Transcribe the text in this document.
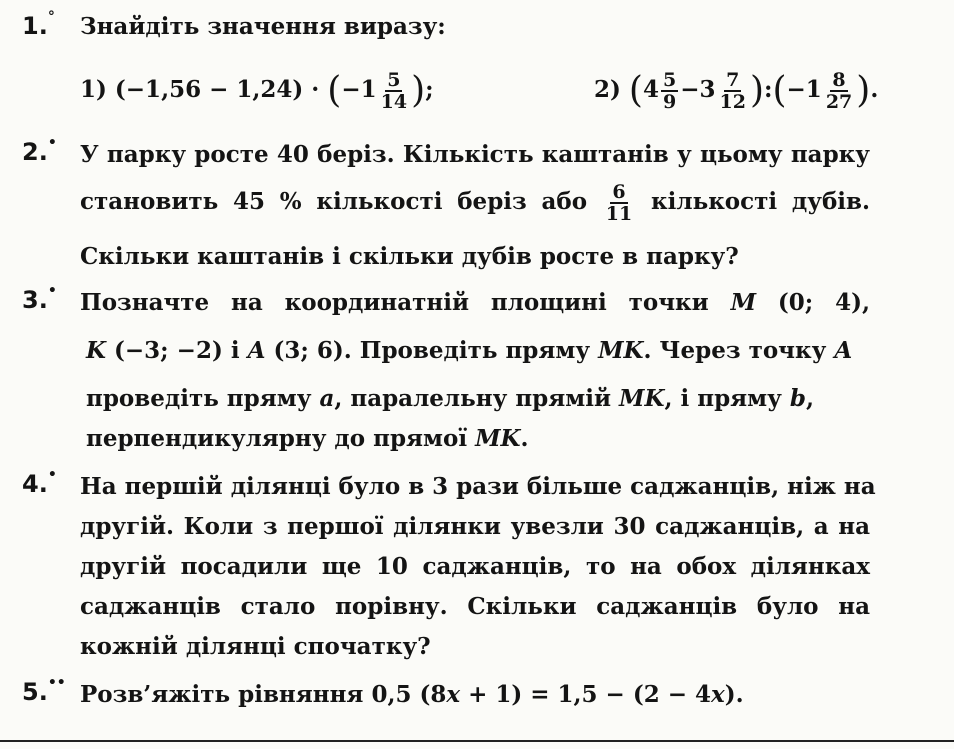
1.° Знайдіть значення виразу:
1) $(-1,56 - 1,24) \cdot (-1 \frac{5}{14}$ );	2) ($4 \frac{5}{9} -3 \frac{7}{12}$ ):(−1 $\frac{8}{27}$ ).
2.• У парку росте 40 беріз. Кількість каштанів у цьому парку
становить 45 % кількості беріз або $\frac{6}{11}$ кількості дубів.
Скільки каштанів і скільки дубів росте в парку?
3.• Позначте на координатній площині точки M (0; 4),
K (−3; −2) і A (3; 6). Проведіть пряму MK. Через точку A
проведіть пряму a, паралельну прямій MK, і пряму b,
перпендикулярну до прямої MK.
4.• На першій ділянці було в 3 рази більше саджанців, ніж на
другій. Коли з першої ділянки увезли 30 саджанців, а на
другій посадили ще 10 саджанців, то на обох ділянках
саджанців стало порівну. Скільки саджанців було на
кожній ділянці спочатку?
5.•• Розв’яжіть рівняння 0,5 (8x + 1) = 1,5 − (2 − 4x).
